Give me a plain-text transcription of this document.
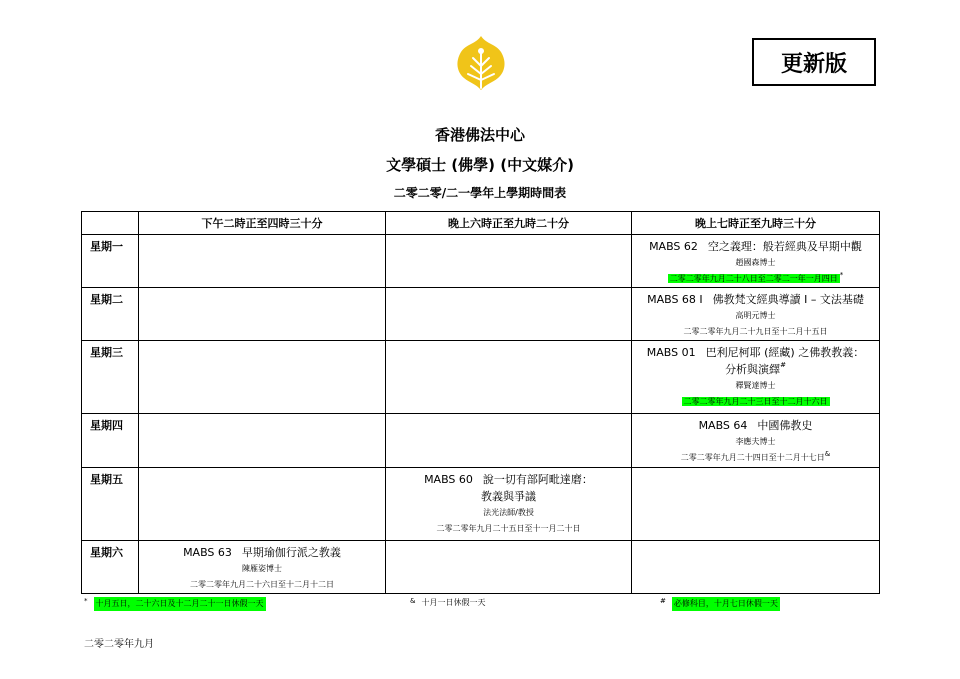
更新版
香港佛法中心
文學碩士 (佛學) (中文媒介)
二零二零/二一學年上學期時間表
	下午二時正至四時三十分	晚上六時正至九時二十分	晚上七時正至九時三十分
星期一			MABS 62 空之義理：般若經典及早期中觀
趙國森博士
二零二零年九月二十八日至二零二一年一月四日 *

星期二			MABS 68 I 佛教梵文經典導讀 I – 文法基礎
高明元博士
二零二零年九月二十九日至十二月十五日

星期三			MABS 01 巴利尼柯耶 (經藏) 之佛教教義：
分析與演繹#
釋賢達博士
二零二零年九月二十三日至十二月十六日

星期四			MABS 64 中國佛教史
李應夫博士
二零二零年九月二十四日至十二月十七日&

星期五		MABS 60 說一切有部阿毗達磨：
教義與爭議
法光法師/教授
二零二零年九月二十五日至十一月二十日	

星期六	MABS 63 早期瑜伽行派之教義
陳雁姿博士
二零二零年九月二十六日至十二月十二日		

* 十月五日，二十六日及十二月二十一日休假一天	& 十月一日休假一天	# 必修科目，十月七日休假一天
二零二零年九月
